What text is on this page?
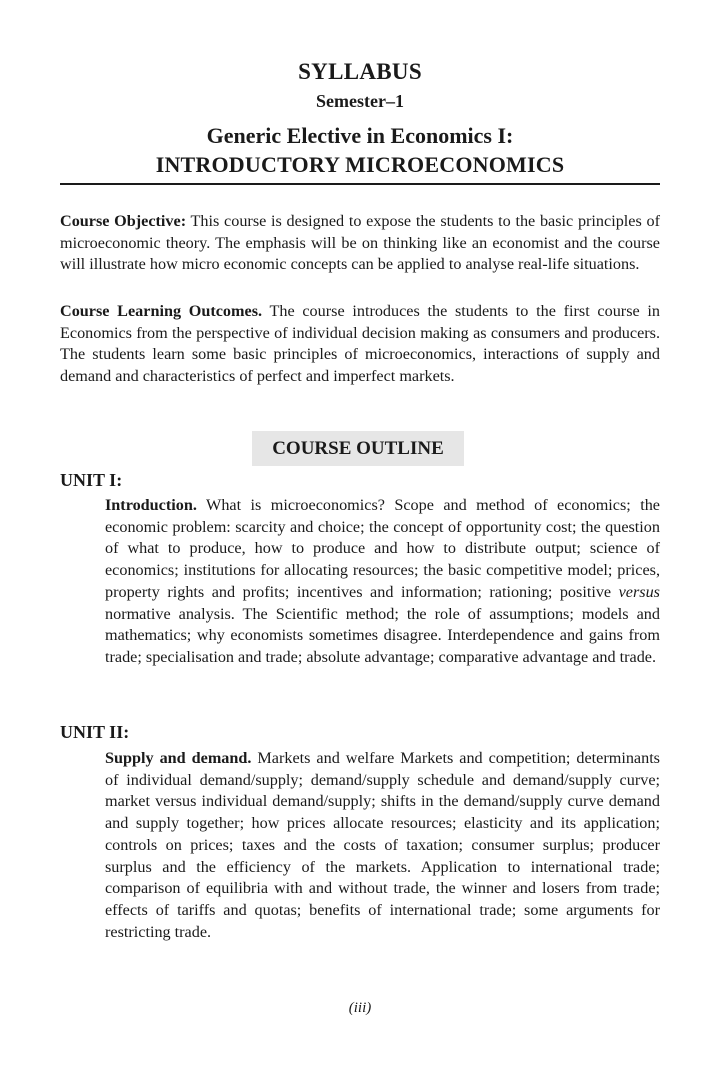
SYLLABUS
Semester–1
Generic Elective in Economics I:
INTRODUCTORY MICROECONOMICS

Course Objective: This course is designed to expose the students to the basic principles of microeconomic theory. The emphasis will be on thinking like an economist and the course will illustrate how micro economic concepts can be applied to analyse real-life situations.

Course Learning Outcomes. The course introduces the students to the first course in Economics from the perspective of individual decision making as consumers and producers. The students learn some basic principles of microeconomics, interactions of supply and demand and characteristics of perfect and imperfect markets.

COURSE OUTLINE
UNIT I:

Introduction. What is microeconomics? Scope and method of economics; the economic problem: scarcity and choice; the concept of opportunity cost; the question of what to produce, how to produce and how to distribute output; science of economics; institutions for allocating resources; the basic competitive model; prices, property rights and profits; incentives and information; rationing; positive versus normative analysis. The Scientific method; the role of assumptions; models and mathematics; why economists sometimes disagree. Interdependence and gains from trade; specialisation and trade; absolute advantage; comparative advantage and trade.

UNIT II:

Supply and demand. Markets and welfare Markets and competition; determinants of individual demand/supply; demand/supply schedule and demand/supply curve; market versus individual demand/supply; shifts in the demand/supply curve demand and supply together; how prices allocate resources; elasticity and its application; controls on prices; taxes and the costs of taxation; consumer surplus; producer surplus and the efficiency of the markets. Application to international trade; comparison of equilibria with and without trade, the winner and losers from trade; effects of tariffs and quotas; benefits of international trade; some arguments for restricting trade.

(iii)
